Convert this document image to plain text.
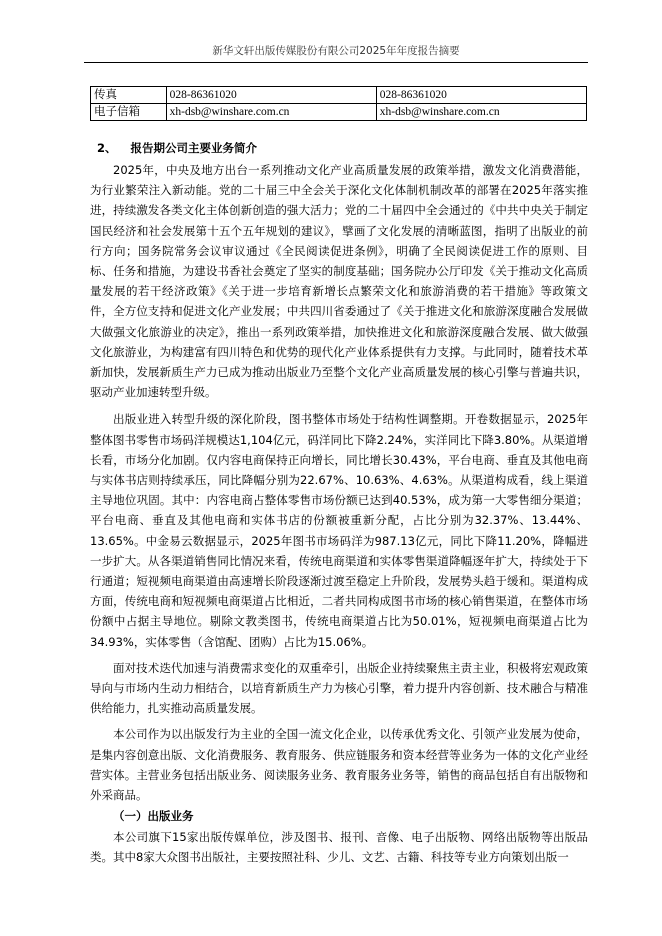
新华文轩出版传媒股份有限公司2025年年度报告摘要
传真	028-86361020	028-86361020
电子信箱	xh-dsb@winshare.com.cn	xh-dsb@winshare.com.cn
2、 报告期公司主要业务简介

2025年，中央及地方出台一系列推动文化产业高质量发展的政策举措，激发文化消费潜能，为行业繁荣注入新动能。党的二十届三中全会关于深化文化体制机制改革的部署在2025年落实推进，持续激发各类文化主体创新创造的强大活力；党的二十届四中全会通过的《中共中央关于制定国民经济和社会发展第十五个五年规划的建议》，擘画了文化发展的清晰蓝图，指明了出版业的前行方向；国务院常务会议审议通过《全民阅读促进条例》，明确了全民阅读促进工作的原则、目标、任务和措施，为建设书香社会奠定了坚实的制度基础；国务院办公厅印发《关于推动文化高质量发展的若干经济政策》《关于进一步培育新增长点繁荣文化和旅游消费的若干措施》等政策文件，全方位支持和促进文化产业发展；中共四川省委通过了《关于推进文化和旅游深度融合发展做大做强文化旅游业的决定》，推出一系列政策举措，加快推进文化和旅游深度融合发展、做大做强文化旅游业，为构建富有四川特色和优势的现代化产业体系提供有力支撑。与此同时，随着技术革新加快，发展新质生产力已成为推动出版业乃至整个文化产业高质量发展的核心引擎与普遍共识，驱动产业加速转型升级。

出版业进入转型升级的深化阶段，图书整体市场处于结构性调整期。开卷数据显示，2025年整体图书零售市场码洋规模达1,104亿元，码洋同比下降2.24%，实洋同比下降3.80%。从渠道增长看，市场分化加剧。仅内容电商保持正向增长，同比增长30.43%，平台电商、垂直及其他电商与实体书店则持续承压，同比降幅分别为22.67%、10.63%、4.63%。从渠道构成看，线上渠道主导地位巩固。其中：内容电商占整体零售市场份额已达到40.53%，成为第一大零售细分渠道；平台电商、垂直及其他电商和实体书店的份额被重新分配，占比分别为32.37%、13.44%、13.65%。中金易云数据显示，2025年图书市场码洋为987.13亿元，同比下降11.20%，降幅进一步扩大。从各渠道销售同比情况来看，传统电商渠道和实体零售渠道降幅逐年扩大，持续处于下行通道；短视频电商渠道由高速增长阶段逐渐过渡至稳定上升阶段，发展势头趋于缓和。渠道构成方面，传统电商和短视频电商渠道占比相近，二者共同构成图书市场的核心销售渠道，在整体市场份额中占据主导地位。剔除文教类图书，传统电商渠道占比为50.01%，短视频电商渠道占比为34.93%，实体零售（含馆配、团购）占比为15.06%。

面对技术迭代加速与消费需求变化的双重牵引，出版企业持续聚焦主责主业，积极将宏观政策导向与市场内生动力相结合，以培育新质生产力为核心引擎，着力提升内容创新、技术融合与精准供给能力，扎实推动高质量发展。

本公司作为以出版发行为主业的全国一流文化企业，以传承优秀文化、引领产业发展为使命，是集内容创意出版、文化消费服务、教育服务、供应链服务和资本经营等业务为一体的文化产业经营实体。主营业务包括出版业务、阅读服务业务、教育服务业务等，销售的商品包括自有出版物和外采商品。

（一）出版业务

本公司旗下15家出版传媒单位，涉及图书、报刊、音像、电子出版物、网络出版物等出版品类。其中8家大众图书出版社，主要按照社科、少儿、文艺、古籍、科技等专业方向策划出版一
